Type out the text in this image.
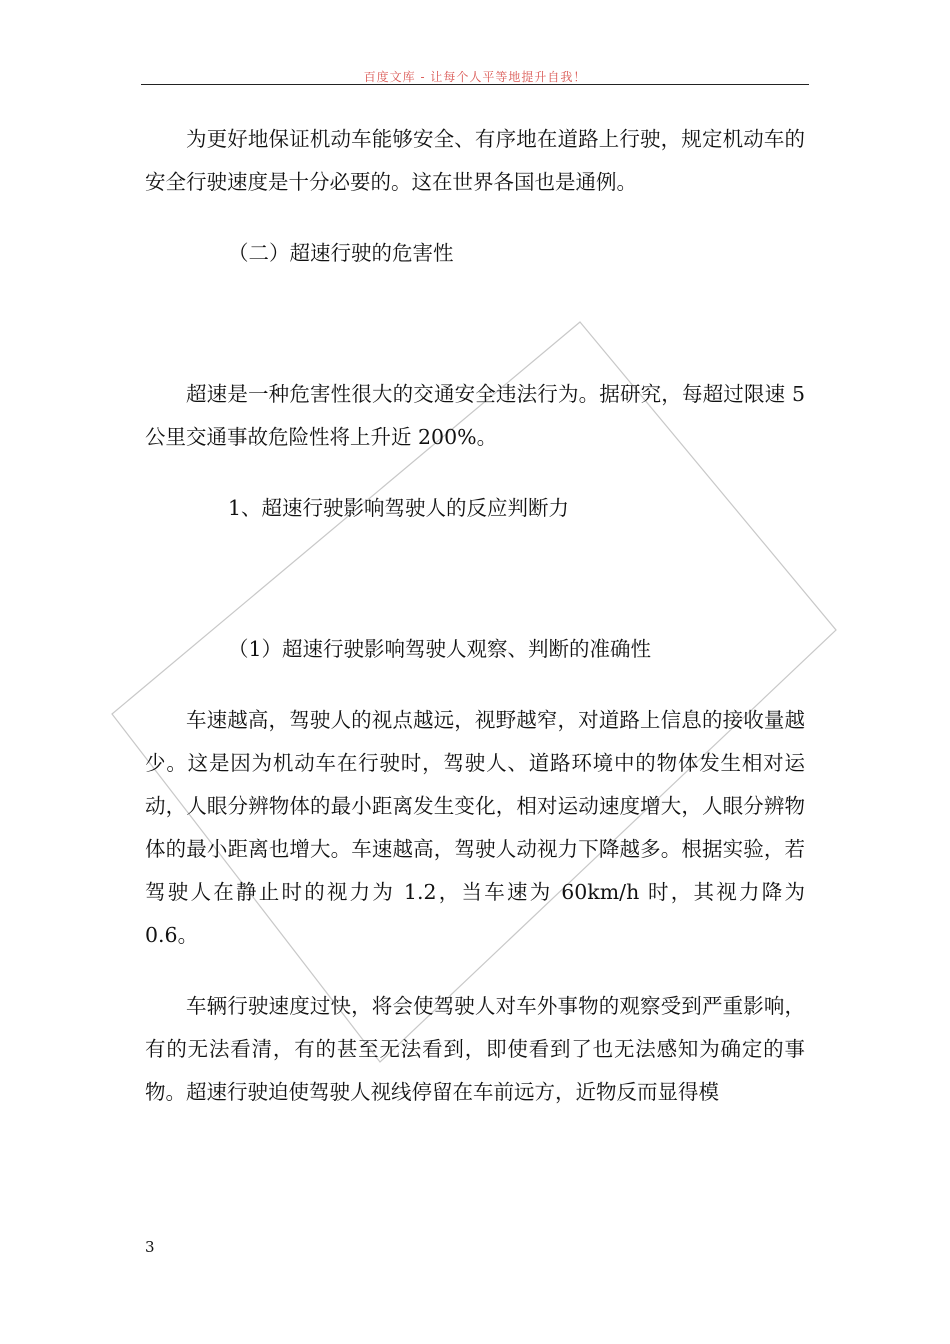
百度文库 - 让每个人平等地提升自我！

为更好地保证机动车能够安全、有序地在道路上行驶，规定机动车的安全行驶速度是十分必要的。这在世界各国也是通例。

（二）超速行驶的危害性

超速是一种危害性很大的交通安全违法行为。据研究，每超过限速 5 公里交通事故危险性将上升近 200%。

1、超速行驶影响驾驶人的反应判断力

（1）超速行驶影响驾驶人观察、判断的准确性

车速越高，驾驶人的视点越远，视野越窄，对道路上信息的接收量越少。这是因为机动车在行驶时，驾驶人、道路环境中的物体发生相对运动，人眼分辨物体的最小距离发生变化，相对运动速度增大，人眼分辨物体的最小距离也增大。车速越高，驾驶人动视力下降越多。根据实验，若驾驶人在静止时的视力为 1.2，当车速为 60km/h 时，其视力降为 0.6。

车辆行驶速度过快，将会使驾驶人对车外事物的观察受到严重影响，有的无法看清，有的甚至无法看到，即使看到了也无法感知为确定的事物。超速行驶迫使驾驶人视线停留在车前远方，近物反而显得模

3
